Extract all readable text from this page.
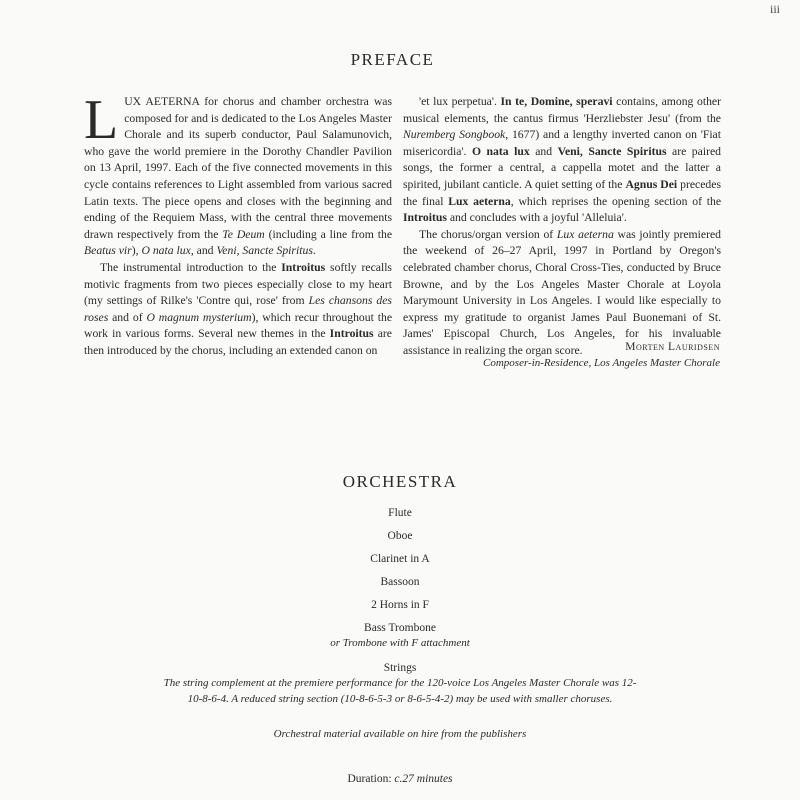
iii
PREFACE

LUX AETERNA for chorus and chamber orchestra was composed for and is dedicated to the Los Angeles Master Chorale and its superb conductor, Paul Salamunovich, who gave the world premiere in the Dorothy Chandler Pavilion on 13 April, 1997. Each of the five connected movements in this cycle contains references to Light assembled from various sacred Latin texts. The piece opens and closes with the beginning and ending of the Requiem Mass, with the central three movements drawn respectively from the Te Deum (including a line from the Beatus vir), O nata lux, and Veni, Sancte Spiritus.

The instrumental introduction to the Introitus softly recalls motivic fragments from two pieces especially close to my heart (my settings of Rilke's 'Contre qui, rose' from Les chansons des roses and of O magnum mysterium), which recur throughout the work in various forms. Several new themes in the Introitus are then introduced by the chorus, including an extended canon on

'et lux perpetua'. In te, Domine, speravi contains, among other musical elements, the cantus firmus 'Herzliebster Jesu' (from the Nuremberg Songbook, 1677) and a lengthy inverted canon on 'Fiat misericordia'. O nata lux and Veni, Sancte Spiritus are paired songs, the former a central, a cappella motet and the latter a spirited, jubilant canticle. A quiet setting of the Agnus Dei precedes the final Lux aeterna, which reprises the opening section of the Introitus and concludes with a joyful 'Alleluia'.

The chorus/organ version of Lux aeterna was jointly premiered the weekend of 26–27 April, 1997 in Portland by Oregon's celebrated chamber chorus, Choral Cross-Ties, conducted by Bruce Browne, and by the Los Angeles Master Chorale at Loyola Marymount University in Los Angeles. I would like especially to express my gratitude to organist James Paul Buonemani of St. James' Episcopal Church, Los Angeles, for his invaluable assistance in realizing the organ score.	Morten Lauridsen
Composer-in-Residence, Los Angeles Master Chorale
ORCHESTRA
Flute
Oboe
Clarinet in A
Bassoon
2 Horns in F
Bass Trombone
or Trombone with F attachment
Strings
The string complement at the premiere performance for the 120-voice Los Angeles Master Chorale was 12-
10-8-6-4. A reduced string section (10-8-6-5-3 or 8-6-5-4-2) may be used with smaller choruses.
Orchestral material available on hire from the publishers
Duration: c.27 minutes
